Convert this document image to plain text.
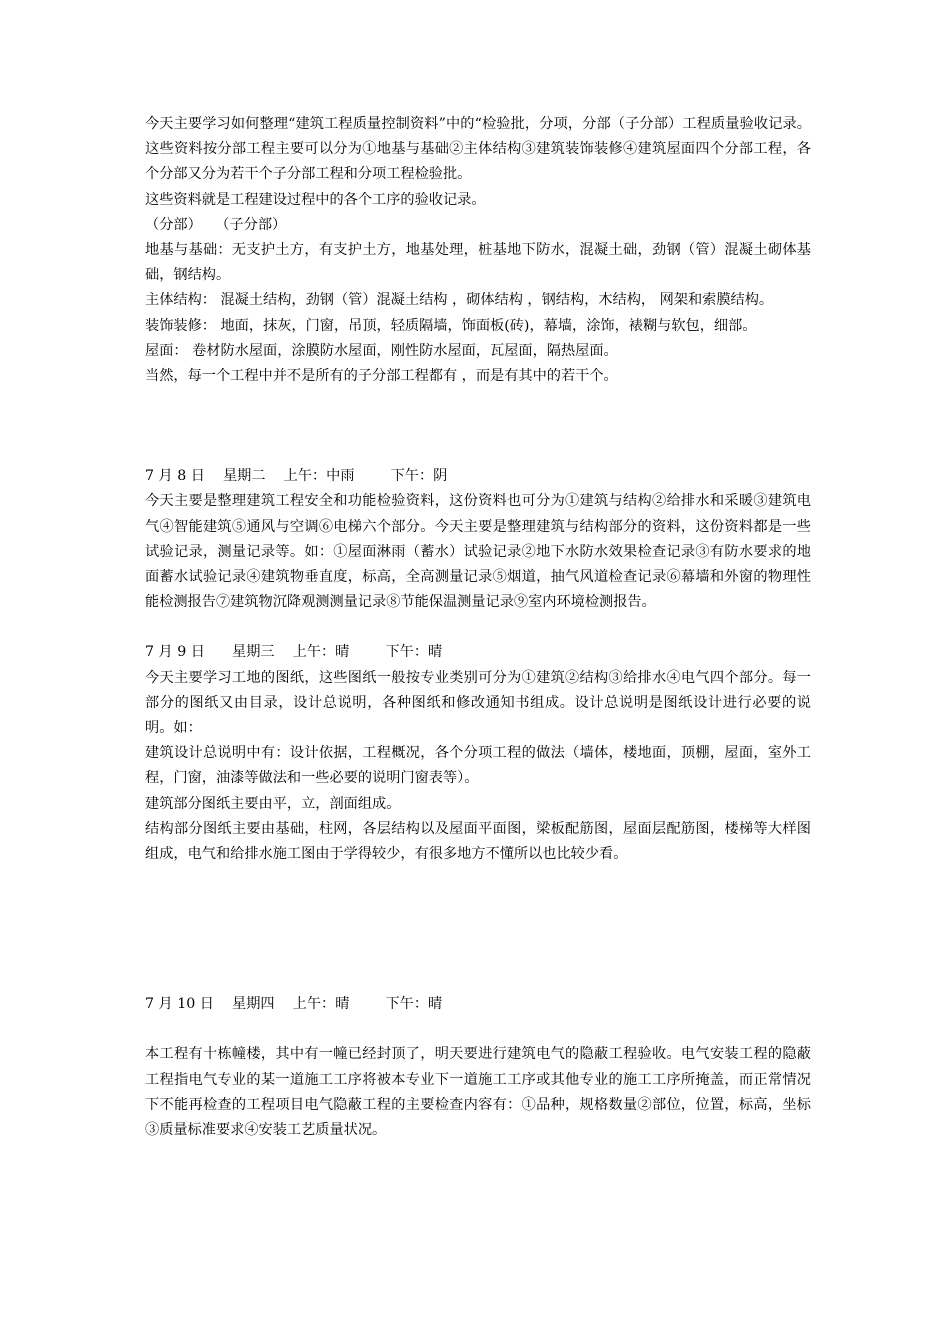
今天主要学习如何整理“建筑工程质量控制资料”中的“检验批，分项，分部（子分部）工程质量验收记录。这些资料按分部工程主要可以分为①地基与基础②主体结构③建筑装饰装修④建筑屋面四个分部工程，各个分部又分为若干个子分部工程和分项工程检验批。

这些资料就是工程建设过程中的各个工序的验收记录。

（分部）   （子分部）

地基与基础：无支护土方，有支护土方，地基处理，桩基地下防水，混凝土础，劲钢（管）混凝土砌体基础，钢结构。

主体结构： 混凝土结构，劲钢（管）混凝土结构 ，砌体结构 ，钢结构，木结构， 网架和索膜结构。

装饰装修： 地面，抹灰，门窗，吊顶，轻质隔墙，饰面板(砖)，幕墙，涂饰，裱糊与软包，细部。

屋面： 卷材防水屋面，涂膜防水屋面，刚性防水屋面，瓦屋面，隔热屋面。

当然，每一个工程中并不是所有的子分部工程都有 ，而是有其中的若干个。

7 月 8 日    星期二    上午：中雨        下午：阴

今天主要是整理建筑工程安全和功能检验资料，这份资料也可分为①建筑与结构②给排水和采暖③建筑电气④智能建筑⑤通风与空调⑥电梯六个部分。今天主要是整理建筑与结构部分的资料，这份资料都是一些试验记录，测量记录等。如：①屋面淋雨（蓄水）试验记录②地下水防水效果检查记录③有防水要求的地面蓄水试验记录④建筑物垂直度，标高，全高测量记录⑤烟道，抽气风道检查记录⑥幕墙和外窗的物理性能检测报告⑦建筑物沉降观测测量记录⑧节能保温测量记录⑨室内环境检测报告。

7 月 9 日      星期三    上午：晴        下午：晴

今天主要学习工地的图纸，这些图纸一般按专业类别可分为①建筑②结构③给排水④电气四个部分。每一部分的图纸又由目录，设计总说明，各种图纸和修改通知书组成。设计总说明是图纸设计进行必要的说明。如：

建筑设计总说明中有：设计依据，工程概况，各个分项工程的做法（墙体，楼地面，顶棚，屋面，室外工程，门窗，油漆等做法和一些必要的说明门窗表等）。

建筑部分图纸主要由平，立，剖面组成。

结构部分图纸主要由基础，柱网，各层结构以及屋面平面图，梁板配筋图，屋面层配筋图，楼梯等大样图组成，电气和给排水施工图由于学得较少，有很多地方不懂所以也比较少看。

7 月 10 日    星期四    上午：晴        下午：晴

本工程有十栋幢楼，其中有一幢已经封顶了，明天要进行建筑电气的隐蔽工程验收。电气安装工程的隐蔽工程指电气专业的某一道施工工序将被本专业下一道施工工序或其他专业的施工工序所掩盖，而正常情况下不能再检查的工程项目电气隐蔽工程的主要检查内容有：①品种，规格数量②部位，位置，标高，坐标③质量标准要求④安装工艺质量状况。
